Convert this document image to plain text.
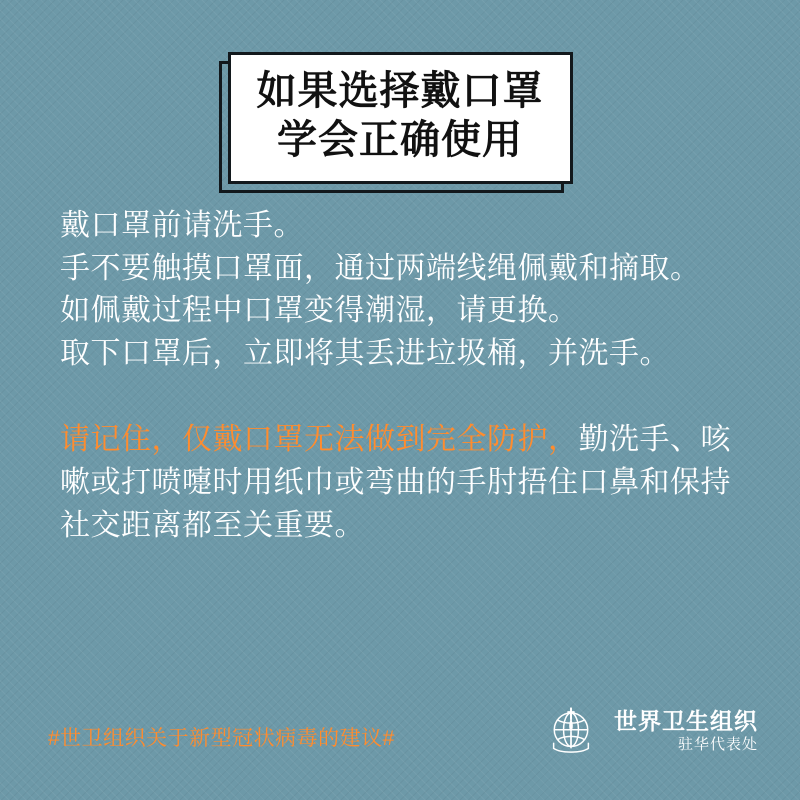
如果选择戴口罩
学会正确使用
戴口罩前请洗手。
手不要触摸口罩面，通过两端线绳佩戴和摘取。
如佩戴过程中口罩变得潮湿，请更换。
取下口罩后，立即将其丢进垃圾桶，并洗手。
请记住，仅戴口罩无法做到完全防护，勤洗手、咳嗽或打喷嚏时用纸巾或弯曲的手肘捂住口鼻和保持社交距离都至关重要。
#世卫组织关于新型冠状病毒的建议#
世界卫生组织
驻华代表处
